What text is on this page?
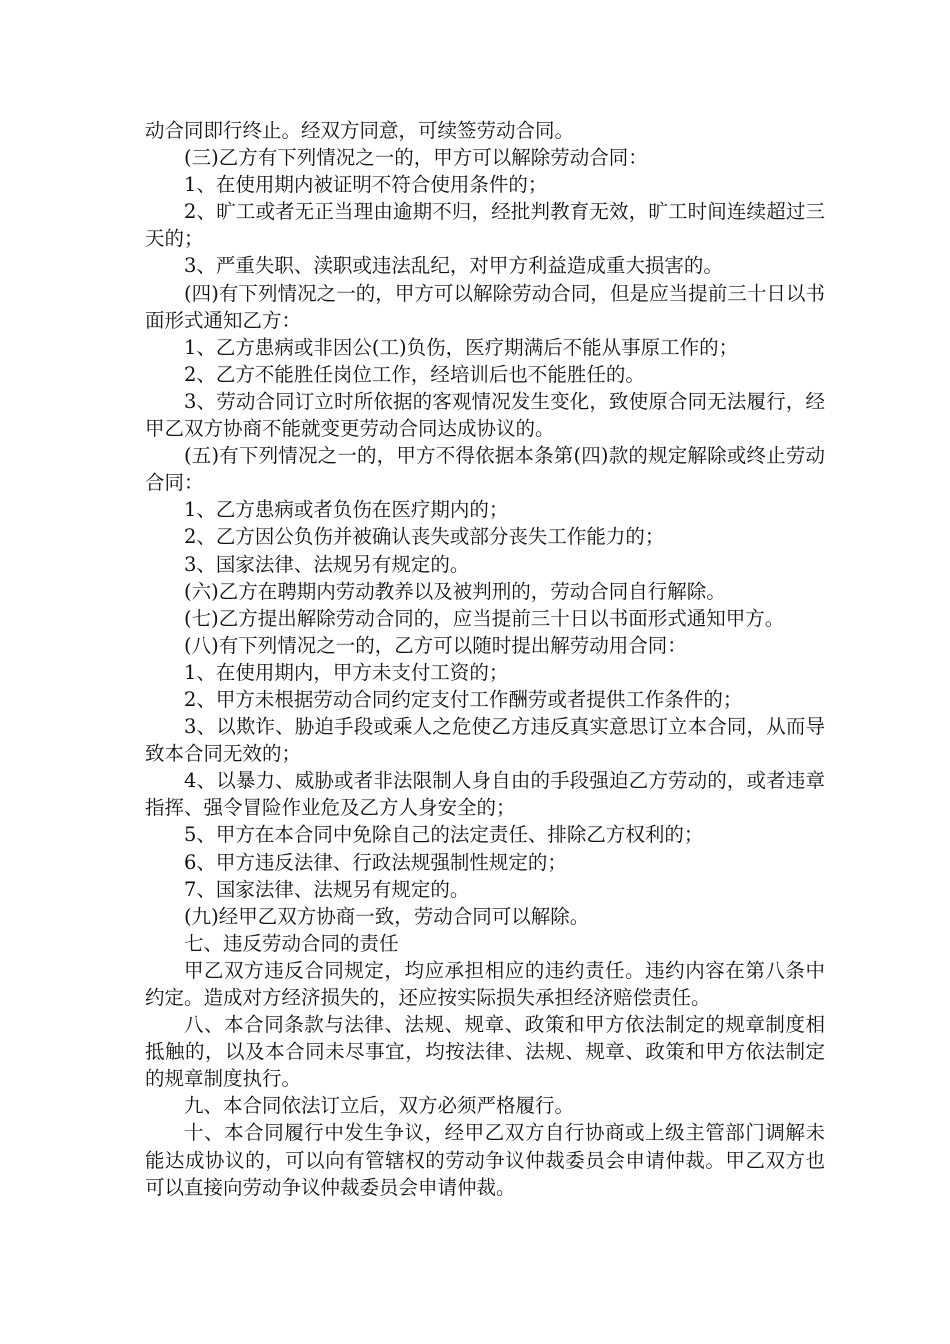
动合同即行终止。经双方同意，可续签劳动合同。

(三)乙方有下列情况之一的，甲方可以解除劳动合同：

1、在使用期内被证明不符合使用条件的；

2、旷工或者无正当理由逾期不归，经批判教育无效，旷工时间连续超过三天的；

3、严重失职、渎职或违法乱纪，对甲方利益造成重大损害的。

(四)有下列情况之一的，甲方可以解除劳动合同，但是应当提前三十日以书面形式通知乙方：

1、乙方患病或非因公(工)负伤，医疗期满后不能从事原工作的；

2、乙方不能胜任岗位工作，经培训后也不能胜任的。

3、劳动合同订立时所依据的客观情况发生变化，致使原合同无法履行，经甲乙双方协商不能就变更劳动合同达成协议的。

(五)有下列情况之一的，甲方不得依据本条第(四)款的规定解除或终止劳动合同：

1、乙方患病或者负伤在医疗期内的；

2、乙方因公负伤并被确认丧失或部分丧失工作能力的；

3、国家法律、法规另有规定的。

(六)乙方在聘期内劳动教养以及被判刑的，劳动合同自行解除。

(七)乙方提出解除劳动合同的，应当提前三十日以书面形式通知甲方。

(八)有下列情况之一的，乙方可以随时提出解劳动用合同：

1、在使用期内，甲方未支付工资的；

2、甲方未根据劳动合同约定支付工作酬劳或者提供工作条件的；

3、以欺诈、胁迫手段或乘人之危使乙方违反真实意思订立本合同，从而导致本合同无效的；

4、以暴力、威胁或者非法限制人身自由的手段强迫乙方劳动的，或者违章指挥、强令冒险作业危及乙方人身安全的；

5、甲方在本合同中免除自己的法定责任、排除乙方权利的；

6、甲方违反法律、行政法规强制性规定的；

7、国家法律、法规另有规定的。

(九)经甲乙双方协商一致，劳动合同可以解除。

七、违反劳动合同的责任

甲乙双方违反合同规定，均应承担相应的违约责任。违约内容在第八条中约定。造成对方经济损失的，还应按实际损失承担经济赔偿责任。

八、本合同条款与法律、法规、规章、政策和甲方依法制定的规章制度相抵触的，以及本合同未尽事宜，均按法律、法规、规章、政策和甲方依法制定的规章制度执行。

九、本合同依法订立后，双方必须严格履行。

十、本合同履行中发生争议，经甲乙双方自行协商或上级主管部门调解未能达成协议的，可以向有管辖权的劳动争议仲裁委员会申请仲裁。甲乙双方也可以直接向劳动争议仲裁委员会申请仲裁。
